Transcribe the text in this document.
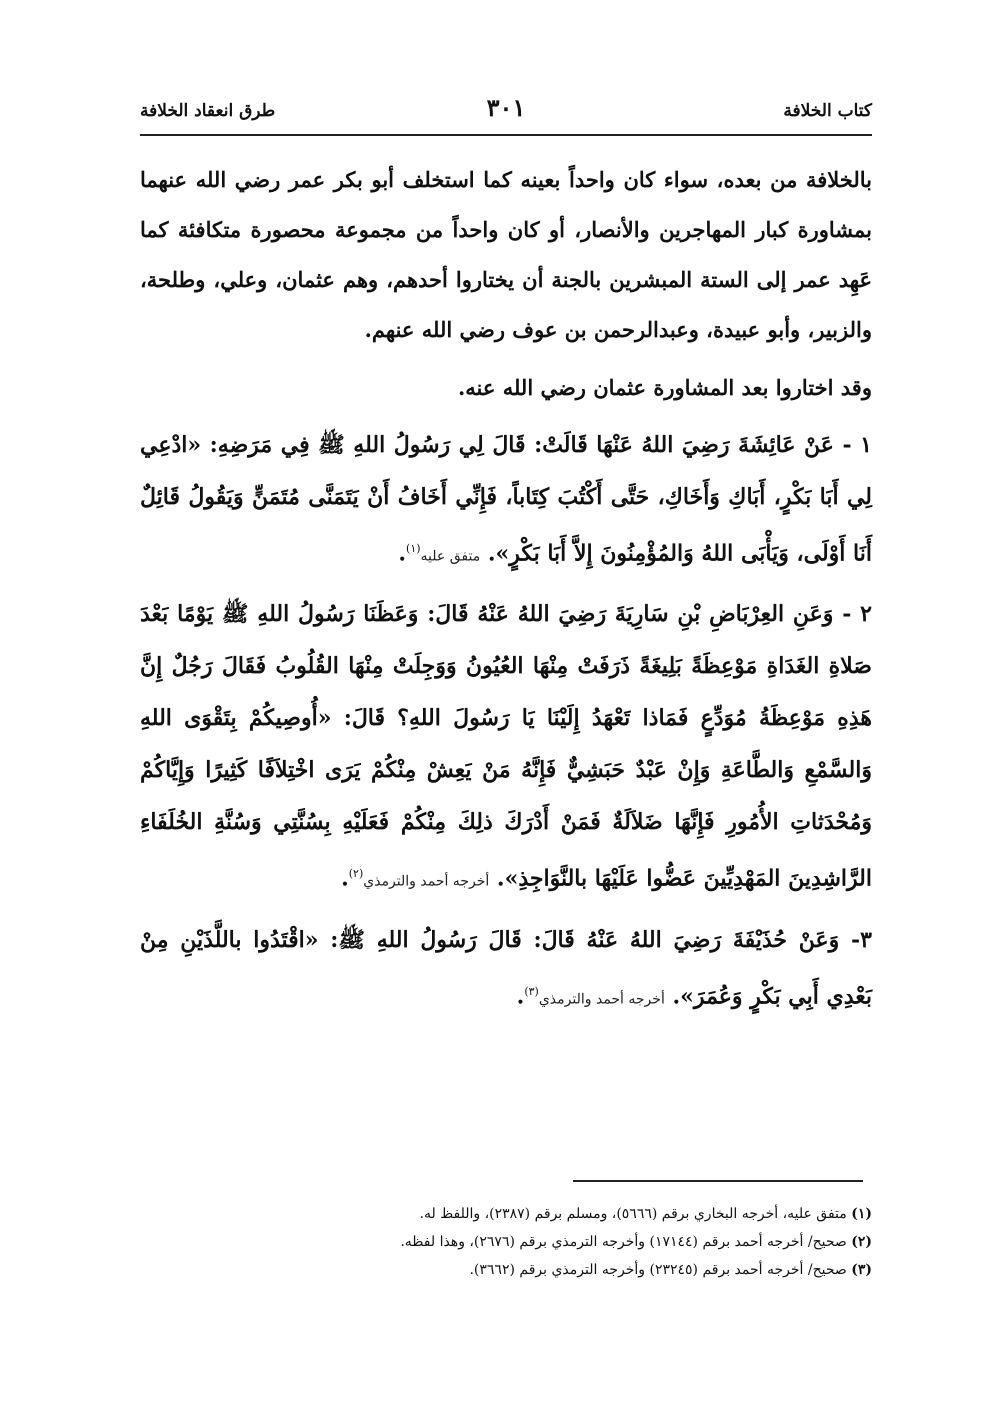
كتاب الخلافة
٣٠١
طرق انعقاد الخلافة

بالخلافة من بعده، سواء كان واحداً بعينه كما استخلف أبو بكر عمر رضي الله عنهما بمشاورة كبار المهاجرين والأنصار، أو كان واحداً من مجموعة محصورة متكافئة كما عَهِد عمر إلى الستة المبشرين بالجنة أن يختاروا أحدهم، وهم عثمان، وعلي، وطلحة، والزبير، وأبو عبيدة، وعبدالرحمن بن عوف رضي الله عنهم.

وقد اختاروا بعد المشاورة عثمان رضي الله عنه.

١ - عَنْ عَائِشَةَ رَضِيَ اللهُ عَنْهَا قَالَتْ: قَالَ لِي رَسُولُ اللهِ ﷺ فِي مَرَضِهِ: «ادْعِي لِي أَبَا بَكْرٍ، أَبَاكِ وَأَخَاكِ، حَتَّى أَكْتُبَ كِتَاباً، فَإِنِّي أَخَافُ أَنْ يَتَمَنَّى مُتَمَنٍّ وَيَقُولُ قَائِلٌ أَنَا أَوْلَى، وَيَأْبَى اللهُ وَالمُؤْمِنُونَ إِلاَّ أَبَا بَكْرٍ». متفق عليه$^{(١)}$.

٢ - وَعَنِ العِرْبَاضِ بْنِ سَارِيَةَ رَضِيَ اللهُ عَنْهُ قَالَ: وَعَظَنَا رَسُولُ اللهِ ﷺ يَوْمًا بَعْدَ صَلاةِ الغَدَاةِ مَوْعِظَةً بَلِيغَةً ذَرَفَتْ مِنْهَا العُيُونُ وَوَجِلَتْ مِنْهَا القُلُوبُ فَقَالَ رَجُلٌ إِنَّ هَذِهِ مَوْعِظَةُ مُوَدِّعٍ فَمَاذا تَعْهَدُ إِلَيْنَا يَا رَسُولَ اللهِ؟ قَالَ: «أُوصِيكُمْ بِتَقْوَى اللهِ وَالسَّمْعِ وَالطَّاعَةِ وَإِنْ عَبْدٌ حَبَشِيٌّ فَإِنَّهُ مَنْ يَعِشْ مِنْكُمْ يَرَى اخْتِلاَفًا كَثِيرًا وَإِيَّاكُمْ وَمُحْدَثاتِ الأُمُورِ فَإِنَّهَا ضَلاَلَةٌ فَمَنْ أَدْرَكَ ذلِكَ مِنْكُمْ فَعَلَيْهِ بِسُنَّتِي وَسُنَّةِ الخُلَفَاءِ الرَّاشِدِينَ المَهْدِيِّينَ عَضُّوا عَلَيْهَا بالنَّوَاجِذِ». أخرجه أحمد والترمذي$^{(٢)}$.

٣- وَعَنْ حُذَيْفَةَ رَضِيَ اللهُ عَنْهُ قَالَ: قَالَ رَسُولُ اللهِ ﷺ: «اقْتَدُوا باللَّذَيْنِ مِنْ بَعْدِي أَبِي بَكْرٍ وَعُمَرَ». أخرجه أحمد والترمذي$^{(٣)}$.

(١) متفق عليه، أخرجه البخاري برقم (٥٦٦٦)، ومسلم برقم (٢٣٨٧)، واللفظ له.

(٢) صحيح/ أخرجه أحمد برقم (١٧١٤٤) وأخرجه الترمذي برقم (٢٦٧٦)، وهذا لفظه.

(٣) صحيح/ أخرجه أحمد برقم (٢٣٢٤٥) وأخرجه الترمذي برقم (٣٦٦٢).
